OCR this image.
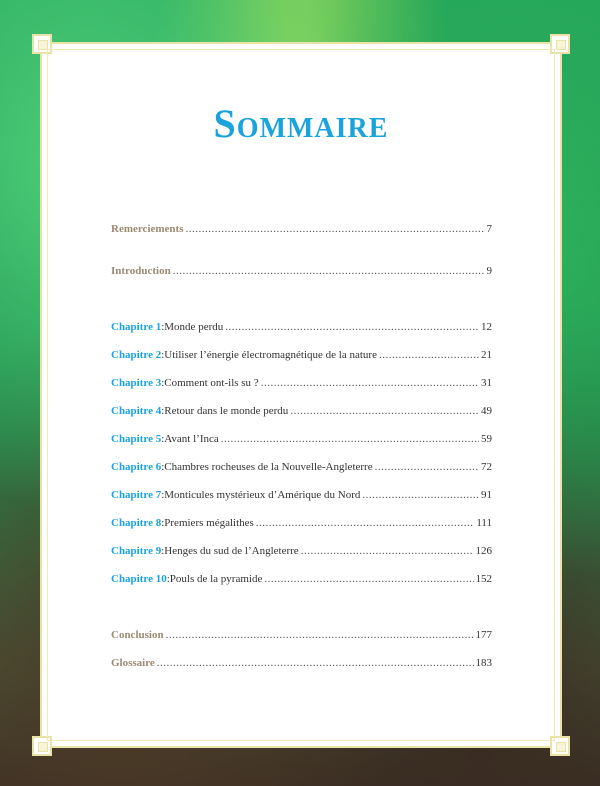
Sommaire
Remerciements .....	7
Introduction .....	9
Chapitre 1 : Monde perdu .....	12
Chapitre 2 : Utiliser l’énergie électromagnétique de la nature .....	21
Chapitre 3 : Comment ont-ils su ? .....	31
Chapitre 4 : Retour dans le monde perdu .....	49
Chapitre 5 : Avant l’Inca .....	59
Chapitre 6 : Chambres rocheuses de la Nouvelle-Angleterre .....	72
Chapitre 7 : Monticules mystérieux d’Amérique du Nord .....	91
Chapitre 8 : Premiers mégalithes .....	111
Chapitre 9 : Henges du sud de l’Angleterre .....	126
Chapitre 10 : Pouls de la pyramide .....	152
Conclusion .....	177
Glossaire .....	183
